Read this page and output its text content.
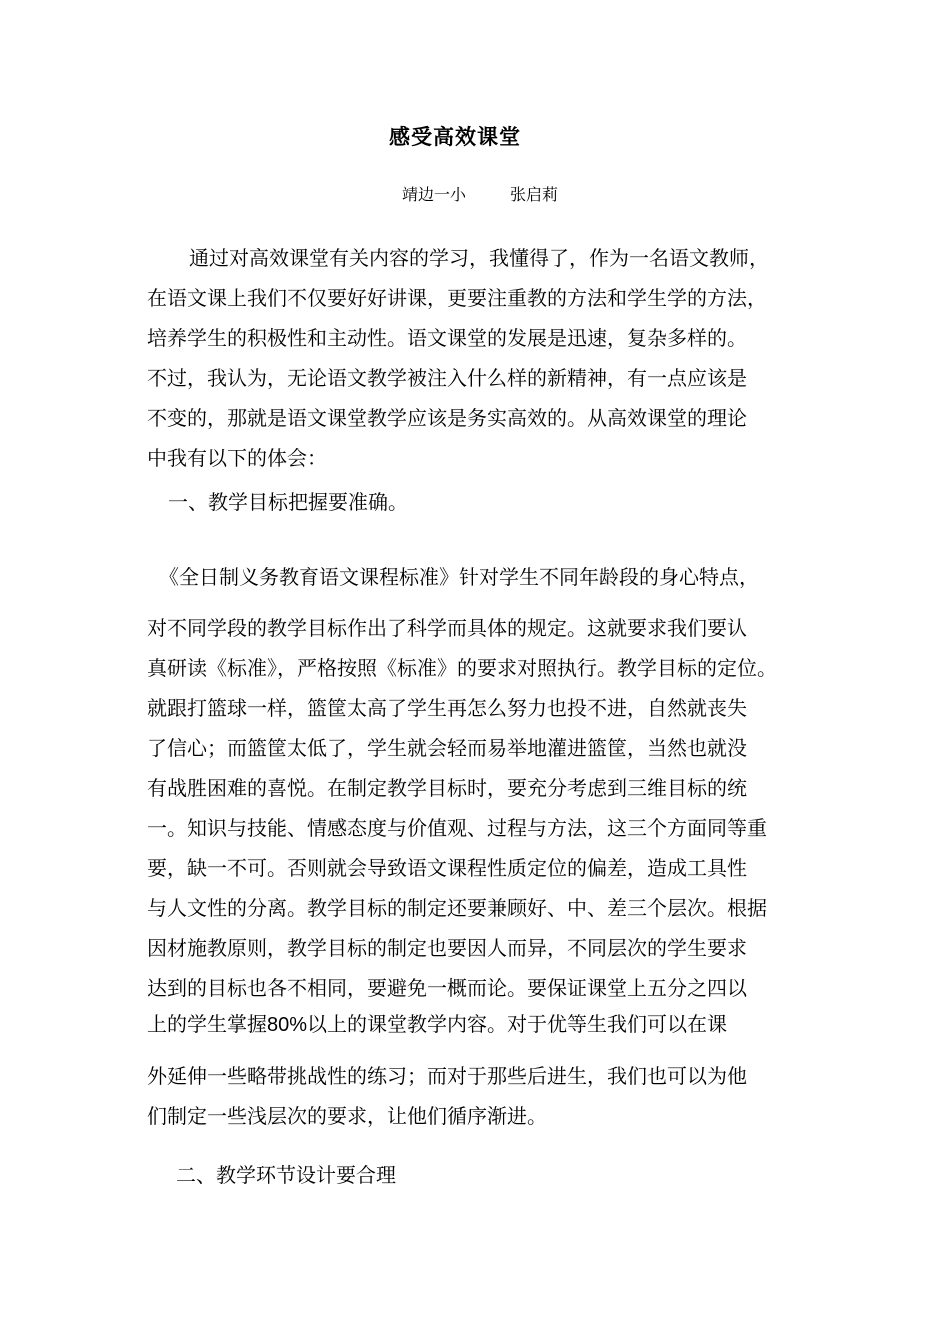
感受高效课堂
靖边一小	张启莉
通过对高效课堂有关内容的学习，我懂得了，作为一名语文教师，
在语文课上我们不仅要好好讲课，更要注重教的方法和学生学的方法，
培养学生的积极性和主动性。语文课堂的发展是迅速，复杂多样的。
不过，我认为，无论语文教学被注入什么样的新精神，有一点应该是
不变的，那就是语文课堂教学应该是务实高效的。从高效课堂的理论
中我有以下的体会：
一、教学目标把握要准确。
《全日制义务教育语文课程标准》针对学生不同年龄段的身心特点，
对不同学段的教学目标作出了科学而具体的规定。这就要求我们要认
真研读《标准》，严格按照《标准》的要求对照执行。教学目标的定位。
就跟打篮球一样，篮筐太高了学生再怎么努力也投不进，自然就丧失
了信心；而篮筐太低了，学生就会轻而易举地灌进篮筐，当然也就没
有战胜困难的喜悦。在制定教学目标时，要充分考虑到三维目标的统
一。知识与技能、情感态度与价值观、过程与方法，这三个方面同等重
要，缺一不可。否则就会导致语文课程性质定位的偏差，造成工具性
与人文性的分离。教学目标的制定还要兼顾好、中、差三个层次。根据
因材施教原则，教学目标的制定也要因人而异，不同层次的学生要求
达到的目标也各不相同，要避免一概而论。要保证课堂上五分之四以
上的学生掌握80%以上的课堂教学内容。对于优等生我们可以在课
外延伸一些略带挑战性的练习；而对于那些后进生，我们也可以为他
们制定一些浅层次的要求，让他们循序渐进。
二、教学环节设计要合理
